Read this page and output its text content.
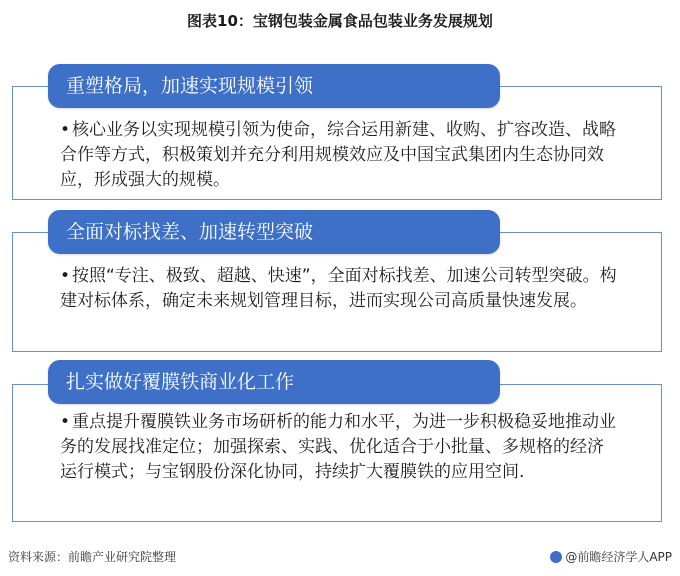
图表10：宝钢包装金属食品包装业务发展规划
重塑格局，加速实现规模引领
• 核心业务以实现规模引领为使命，综合运用新建、收购、扩容改造、战略合作等方式，积极策划并充分利用规模效应及中国宝武集团内生态协同效应，形成强大的规模。
全面对标找差、加速转型突破
• 按照“专注、极致、超越、快速”，全面对标找差、加速公司转型突破。构建对标体系，确定未来规划管理目标，进而实现公司高质量快速发展。
扎实做好覆膜铁商业化工作
• 重点提升覆膜铁业务市场研析的能力和水平，为进一步积极稳妥地推动业务的发展找准定位；加强探索、实践、优化适合于小批量、多规格的经济运行模式；与宝钢股份深化协同，持续扩大覆膜铁的应用空间.
资料来源：前瞻产业研究院整理	@前瞻经济学人APP
